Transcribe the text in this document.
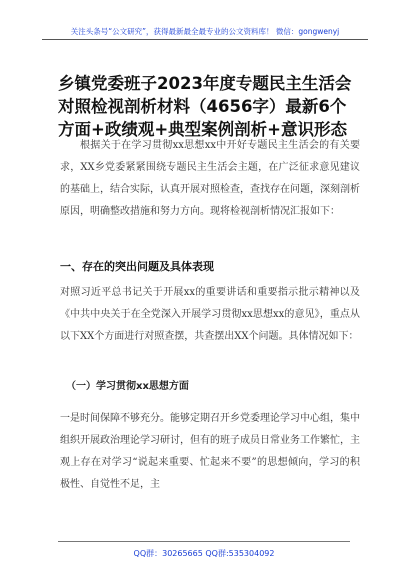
关注头条号“公文研究”，获得最新最全最专业的公文资料库！ 微信：gongwenyj
乡镇党委班子2023年度专题民主生活会对照检视剖析材料（4656字）最新6个方面+政绩观+典型案例剖析+意识形态
根据关于在学习贯彻xx思想xx中开好专题民主生活会的有关要求，XX乡党委紧紧围绕专题民主生活会主题，在广泛征求意见建议的基础上，结合实际，认真开展对照检查，查找存在问题，深刻剖析原因，明确整改措施和努力方向。现将检视剖析情况汇报如下：
一、存在的突出问题及具体表现
对照习近平总书记关于开展xx的重要讲话和重要指示批示精神以及《中共中央关于在全党深入开展学习贯彻xx思想xx的意见》，重点从以下XX个方面进行对照查摆，共查摆出XX个问题。具体情况如下：
（一）学习贯彻xx思想方面
一是时间保障不够充分。能够定期召开乡党委理论学习中心组，集中组织开展政治理论学习研讨，但有的班子成员日常业务工作繁忙，主观上存在对学习“说起来重要、忙起来不要”的思想倾向，学习的积极性、自觉性不足，主
QQ群：30265665 QQ群:535304092
